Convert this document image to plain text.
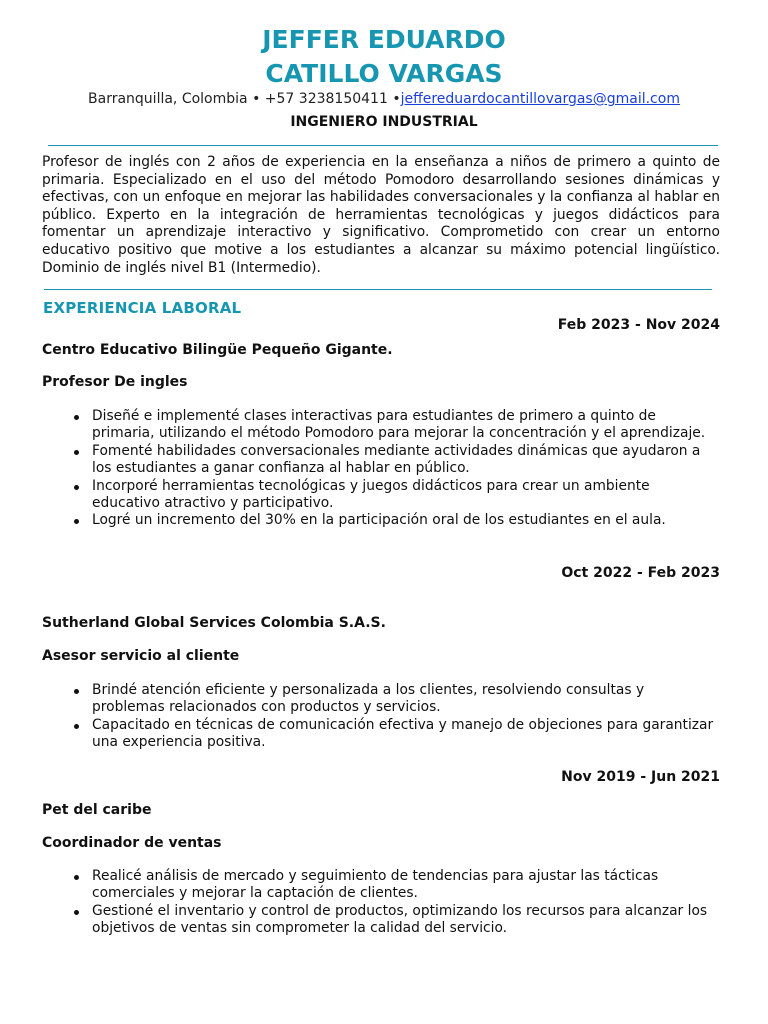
JEFFER EDUARDO
CATILLO VARGAS
Barranquilla, Colombia • +57 3238150411 •jeffereduardocantillovargas@gmail.com
INGENIERO INDUSTRIAL

Profesor de inglés con 2 años de experiencia en la enseñanza a niños de primero a quinto de primaria. Especializado en el uso del método Pomodoro desarrollando sesiones dinámicas y efectivas, con un enfoque en mejorar las habilidades conversacionales y la confianza al hablar en público. Experto en la integración de herramientas tecnológicas y juegos didácticos para fomentar un aprendizaje interactivo y significativo. Comprometido con crear un entorno educativo positivo que motive a los estudiantes a alcanzar su máximo potencial lingüístico. Dominio de inglés nivel B1 (Intermedio).

EXPERIENCIA LABORAL
Feb 2023 - Nov 2024
Centro Educativo Bilingüe Pequeño Gigante.
Profesor De ingles
Diseñé e implementé clases interactivas para estudiantes de primero a quinto de primaria, utilizando el método Pomodoro para mejorar la concentración y el aprendizaje.
Fomenté habilidades conversacionales mediante actividades dinámicas que ayudaron a los estudiantes a ganar confianza al hablar en público.
Incorporé herramientas tecnológicas y juegos didácticos para crear un ambiente educativo atractivo y participativo.
Logré un incremento del 30% en la participación oral de los estudiantes en el aula.
Oct 2022 - Feb 2023
Sutherland Global Services Colombia S.A.S.
Asesor servicio al cliente
Brindé atención eficiente y personalizada a los clientes, resolviendo consultas y problemas relacionados con productos y servicios.
Capacitado en técnicas de comunicación efectiva y manejo de objeciones para garantizar una experiencia positiva.
Nov 2019 - Jun 2021
Pet del caribe
Coordinador de ventas
Realicé análisis de mercado y seguimiento de tendencias para ajustar las tácticas comerciales y mejorar la captación de clientes.
Gestioné el inventario y control de productos, optimizando los recursos para alcanzar los objetivos de ventas sin comprometer la calidad del servicio.
